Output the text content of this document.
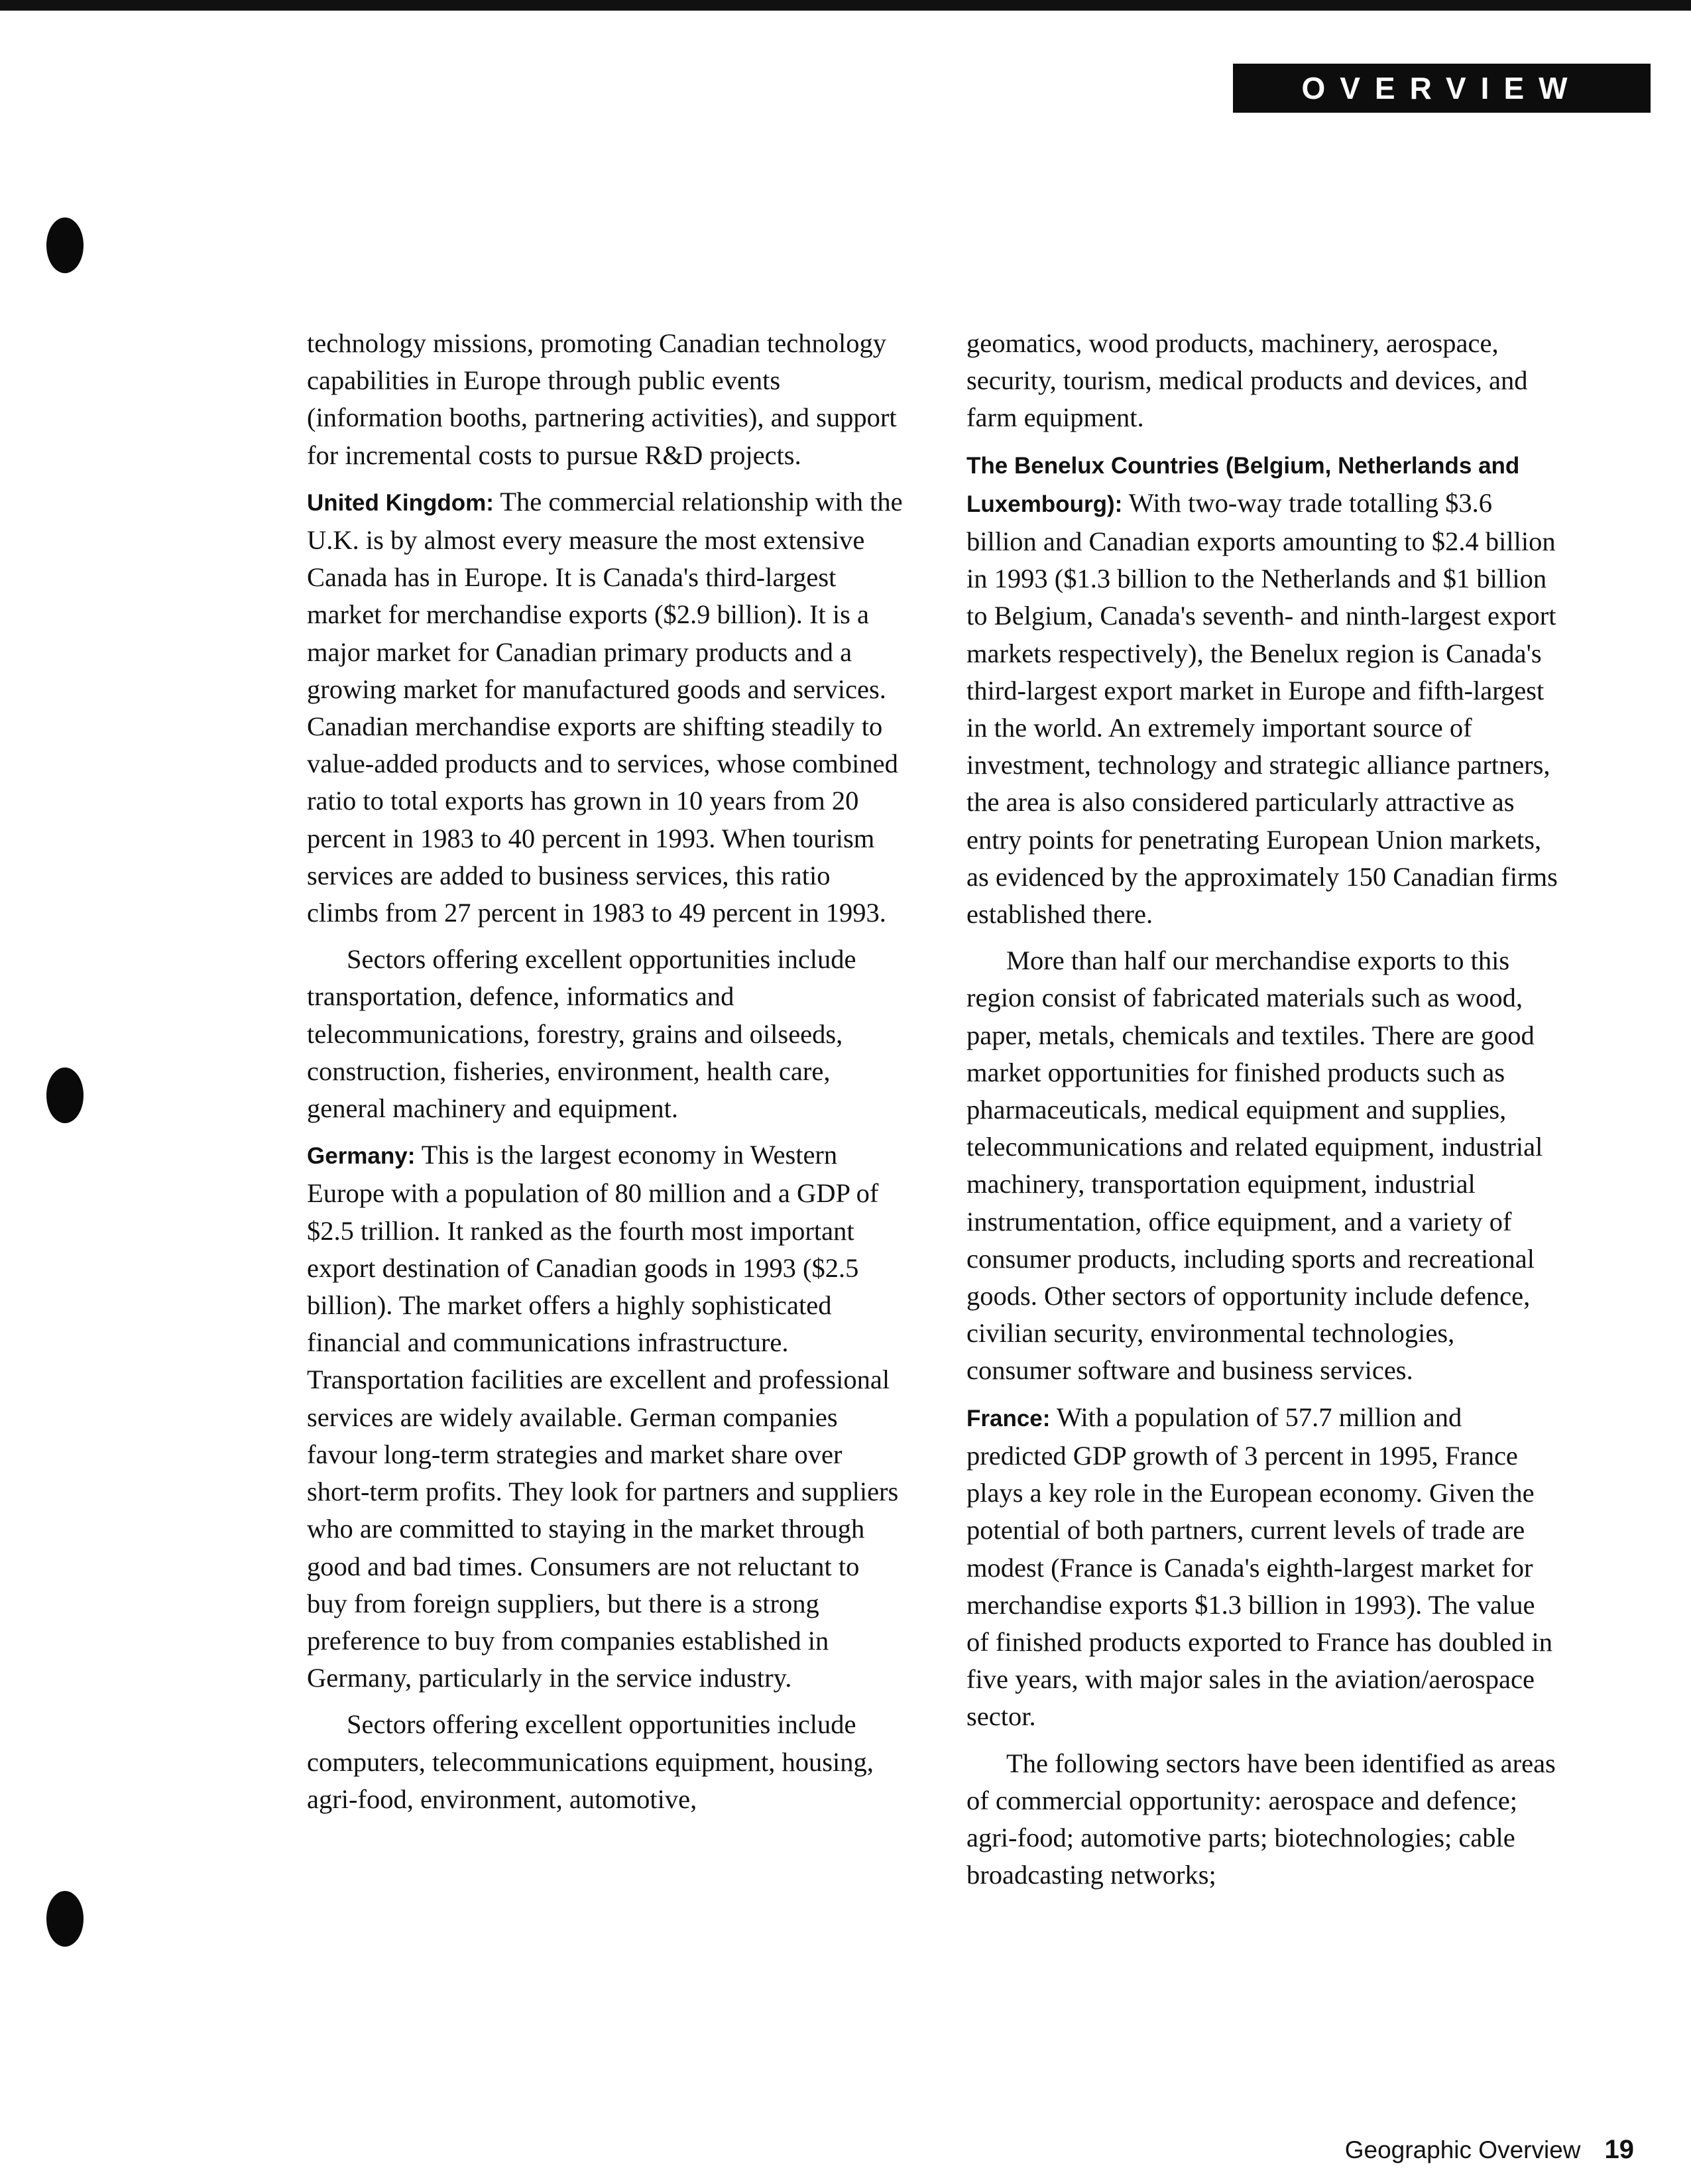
OVERVIEW

technology missions, promoting Canadian technology capabilities in Europe through public events (information booths, partnering activities), and support for incremental costs to pursue R&D projects.

United Kingdom: The commercial relationship with the U.K. is by almost every measure the most extensive Canada has in Europe. It is Canada's third-largest market for merchandise exports ($2.9 billion). It is a major market for Canadian primary products and a growing market for manufactured goods and services. Canadian merchandise exports are shifting steadily to value-added products and to services, whose combined ratio to total exports has grown in 10 years from 20 percent in 1983 to 40 percent in 1993. When tourism services are added to business services, this ratio climbs from 27 percent in 1983 to 49 percent in 1993.

Sectors offering excellent opportunities include transportation, defence, informatics and telecommunications, forestry, grains and oilseeds, construction, fisheries, environment, health care, general machinery and equipment.

Germany: This is the largest economy in Western Europe with a population of 80 million and a GDP of $2.5 trillion. It ranked as the fourth most important export destination of Canadian goods in 1993 ($2.5 billion). The market offers a highly sophisticated financial and communications infrastructure. Transportation facilities are excellent and professional services are widely available. German companies favour long-term strategies and market share over short-term profits. They look for partners and suppliers who are committed to staying in the market through good and bad times. Consumers are not reluctant to buy from foreign suppliers, but there is a strong preference to buy from companies established in Germany, particularly in the service industry.

Sectors offering excellent opportunities include computers, telecommunications equipment, housing, agri-food, environment, automotive,

geomatics, wood products, machinery, aerospace, security, tourism, medical products and devices, and farm equipment.

The Benelux Countries (Belgium, Netherlands and Luxembourg): With two-way trade totalling $3.6 billion and Canadian exports amounting to $2.4 billion in 1993 ($1.3 billion to the Netherlands and $1 billion to Belgium, Canada's seventh- and ninth-largest export markets respectively), the Benelux region is Canada's third-largest export market in Europe and fifth-largest in the world. An extremely important source of investment, technology and strategic alliance partners, the area is also considered particularly attractive as entry points for penetrating European Union markets, as evidenced by the approximately 150 Canadian firms established there.

More than half our merchandise exports to this region consist of fabricated materials such as wood, paper, metals, chemicals and textiles. There are good market opportunities for finished products such as pharmaceuticals, medical equipment and supplies, telecommunications and related equipment, industrial machinery, transportation equipment, industrial instrumentation, office equipment, and a variety of consumer products, including sports and recreational goods. Other sectors of opportunity include defence, civilian security, environmental technologies, consumer software and business services.

France: With a population of 57.7 million and predicted GDP growth of 3 percent in 1995, France plays a key role in the European economy. Given the potential of both partners, current levels of trade are modest (France is Canada's eighth-largest market for merchandise exports $1.3 billion in 1993). The value of finished products exported to France has doubled in five years, with major sales in the aviation/aerospace sector.

The following sectors have been identified as areas of commercial opportunity: aerospace and defence; agri-food; automotive parts; biotechnologies; cable broadcasting networks;

Geographic Overview 19
